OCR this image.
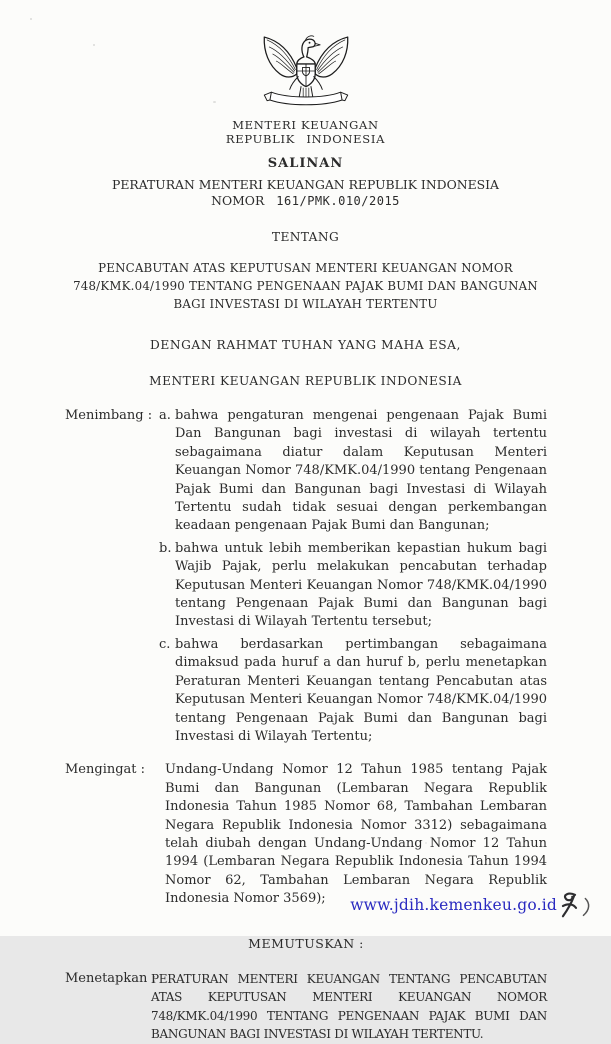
MENTERI KEUANGAN
REPUBLIK INDONESIA
SALINAN
PERATURAN MENTERI KEUANGAN REPUBLIK INDONESIA
NOMOR 161/PMK.010/2015
TENTANG
PENCABUTAN ATAS KEPUTUSAN MENTERI KEUANGAN NOMOR
748/KMK.04/1990 TENTANG PENGENAAN PAJAK BUMI DAN BANGUNAN
BAGI INVESTASI DI WILAYAH TERTENTU
DENGAN RAHMAT TUHAN YANG MAHA ESA,
MENTERI KEUANGAN REPUBLIK INDONESIA
Menimbang : a. bahwa pengaturan mengenai pengenaan Pajak Bumi Dan Bangunan bagi investasi di wilayah tertentu sebagaimana diatur dalam Keputusan Menteri Keuangan Nomor 748/KMK.04/1990 tentang Pengenaan Pajak Bumi dan Bangunan bagi Investasi di Wilayah Tertentu sudah tidak sesuai dengan perkembangan keadaan pengenaan Pajak Bumi dan Bangunan;
b. bahwa untuk lebih memberikan kepastian hukum bagi Wajib Pajak, perlu melakukan pencabutan terhadap Keputusan Menteri Keuangan Nomor 748/KMK.04/1990 tentang Pengenaan Pajak Bumi dan Bangunan bagi Investasi di Wilayah Tertentu tersebut;
c. bahwa berdasarkan pertimbangan sebagaimana dimaksud pada huruf a dan huruf b, perlu menetapkan Peraturan Menteri Keuangan tentang Pencabutan atas Keputusan Menteri Keuangan Nomor 748/KMK.04/1990 tentang Pengenaan Pajak Bumi dan Bangunan bagi Investasi di Wilayah Tertentu;
Mengingat :	Undang-Undang Nomor 12 Tahun 1985 tentang Pajak Bumi dan Bangunan (Lembaran Negara Republik Indonesia Tahun 1985 Nomor 68, Tambahan Lembaran Negara Republik Indonesia Nomor 3312) sebagaimana telah diubah dengan Undang-Undang Nomor 12 Tahun 1994 (Lembaran Negara Republik Indonesia Tahun 1994 Nomor 62, Tambahan Lembaran Negara Republik Indonesia Nomor 3569);
MEMUTUSKAN :
Menetapkan :
PERATURAN MENTERI KEUANGAN TENTANG PENCABUTAN ATAS KEPUTUSAN MENTERI KEUANGAN NOMOR 748/KMK.04/1990 TENTANG PENGENAAN PAJAK BUMI DAN BANGUNAN BAGI INVESTASI DI WILAYAH TERTENTU.
www.jdih.kemenkeu.go.id
